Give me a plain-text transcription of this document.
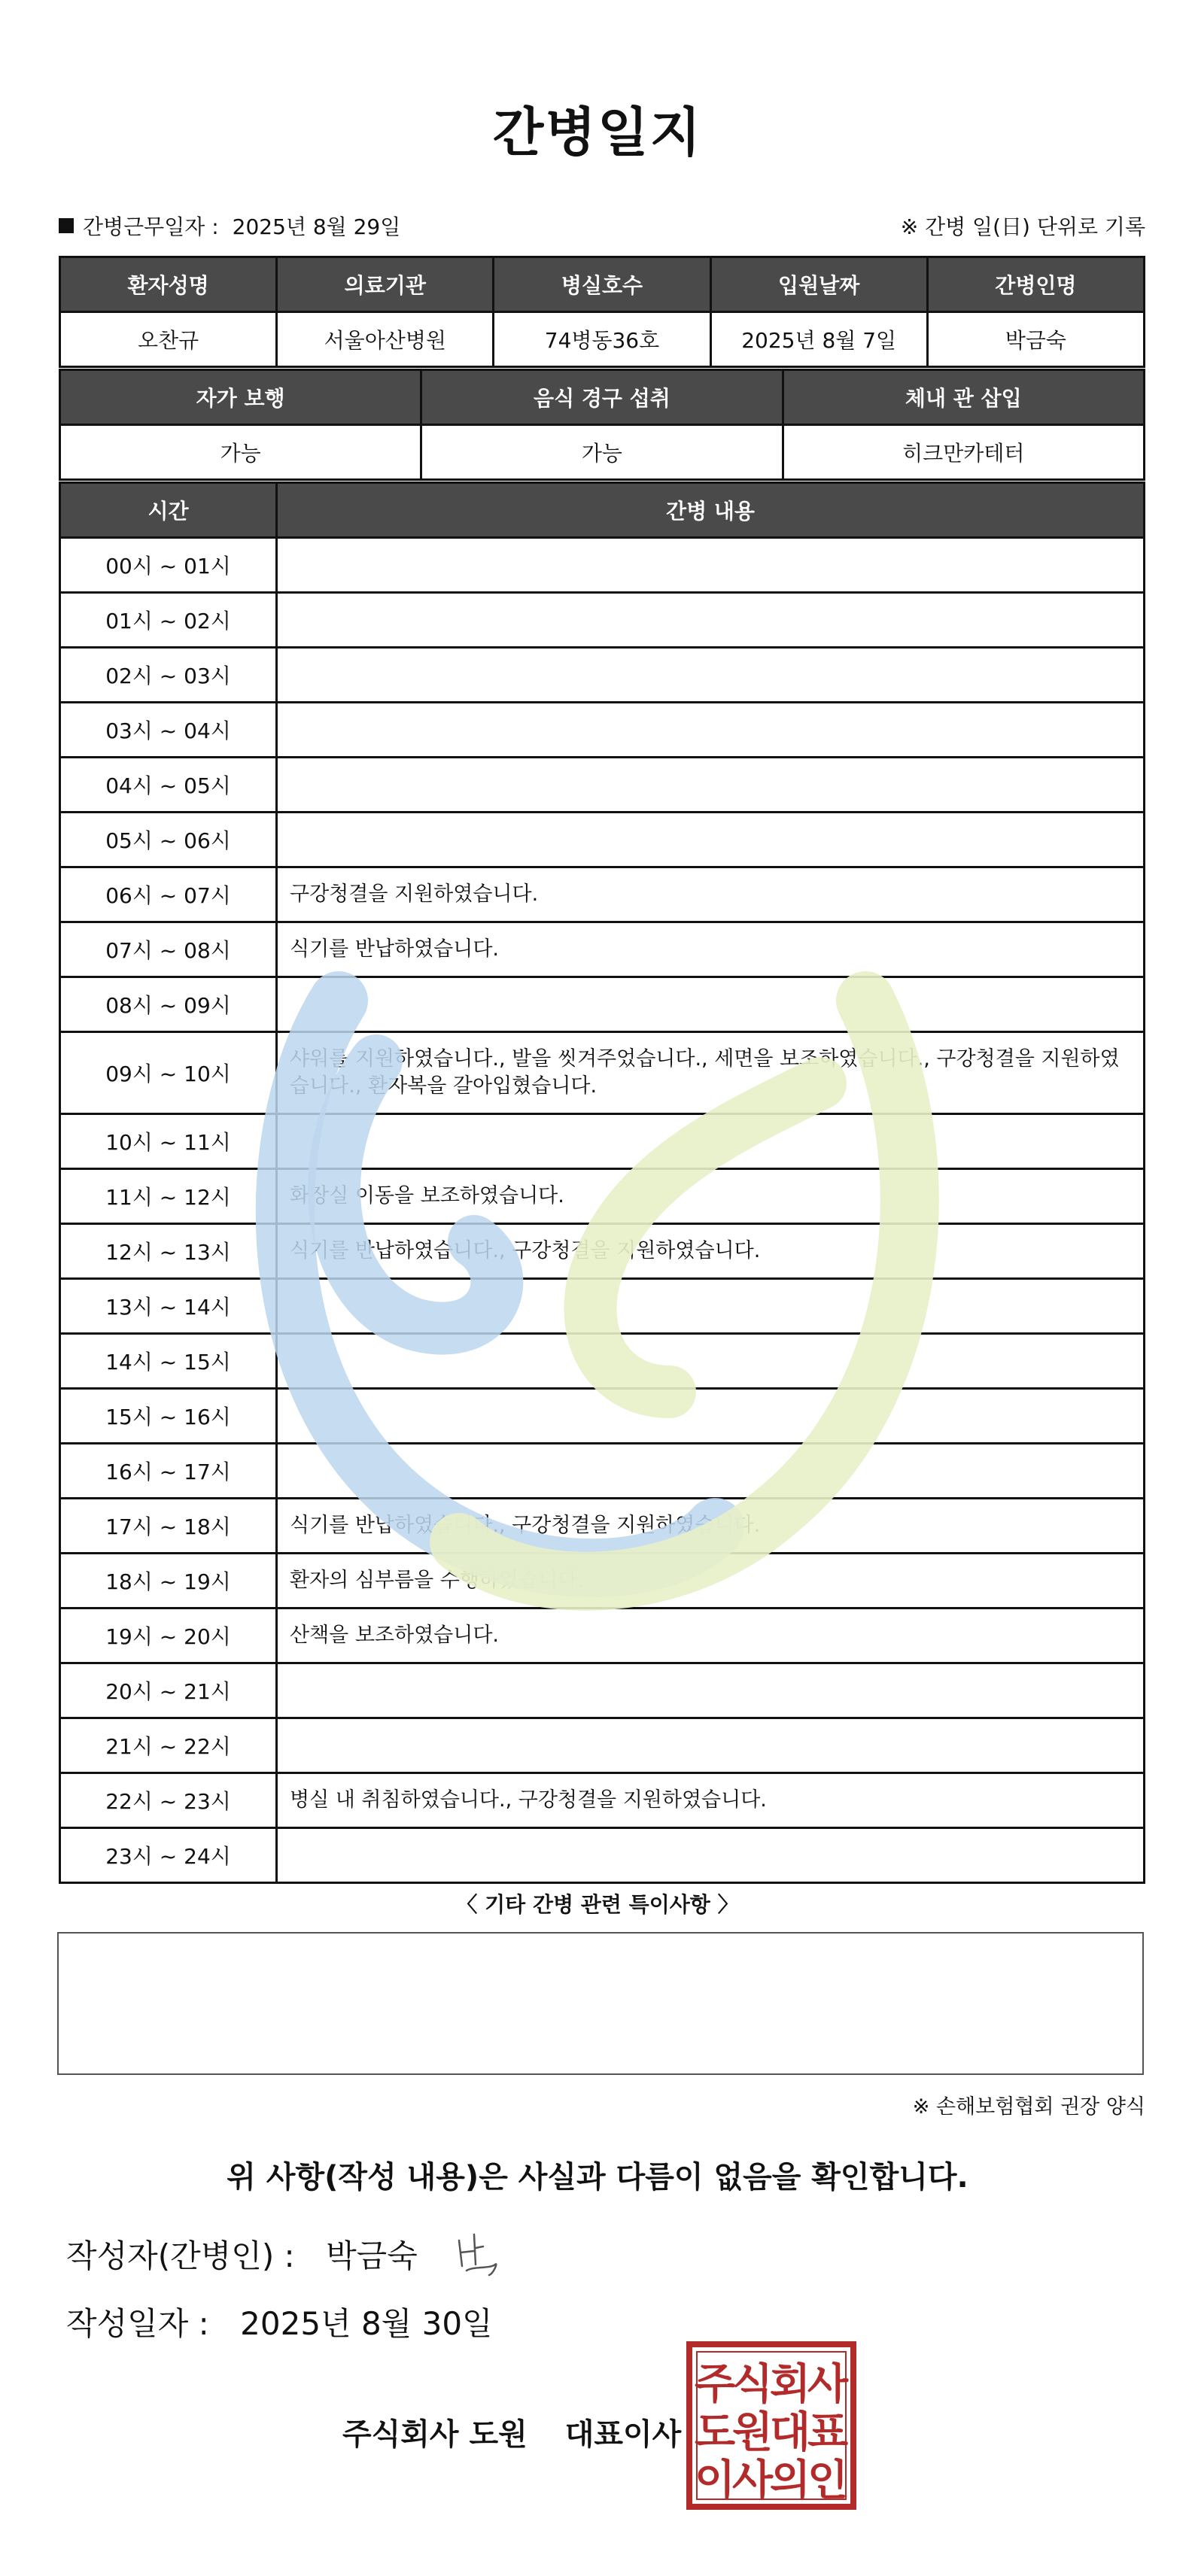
간병일지
간병근무일자 : 2025년 8월 29일	※ 간병 일(日) 단위로 기록
환자성명	의료기관	병실호수	입원날짜	간병인명
오찬규	서울아산병원	74병동36호	2025년 8월 7일	박금숙
자가 보행	음식 경구 섭취	체내 관 삽입
가능	가능	히크만카테터
시간	간병 내용
00시 ~ 01시	
01시 ~ 02시	
02시 ~ 03시	
03시 ~ 04시	
04시 ~ 05시	
05시 ~ 06시	
06시 ~ 07시	구강청결을 지원하였습니다.
07시 ~ 08시	식기를 반납하였습니다.
08시 ~ 09시	
09시 ~ 10시	샤워를 지원하였습니다., 발을 씻겨주었습니다., 세면을 보조하였습니다., 구강청결을 지원하였습니다., 환자복을 갈아입혔습니다.
10시 ~ 11시	
11시 ~ 12시	화장실 이동을 보조하였습니다.
12시 ~ 13시	식기를 반납하였습니다., 구강청결을 지원하였습니다.
13시 ~ 14시	
14시 ~ 15시	
15시 ~ 16시	
16시 ~ 17시	
17시 ~ 18시	식기를 반납하였습니다., 구강청결을 지원하였습니다.
18시 ~ 19시	환자의 심부름을 수행하였습니다.
19시 ~ 20시	산책을 보조하였습니다.
20시 ~ 21시	
21시 ~ 22시	
22시 ~ 23시	병실 내 취침하였습니다., 구강청결을 지원하였습니다.
23시 ~ 24시	
〈 기타 간병 관련 특이사항 〉
※ 손해보험협회 권장 양식
위 사항(작성 내용)은 사실과 다름이 없음을 확인합니다.
작성자(간병인) : 박금숙
작성일자 : 2025년 8월 30일
주식회사 도원 대표이사
주
식
회
사
도
원
대
표
이
사
의
인
